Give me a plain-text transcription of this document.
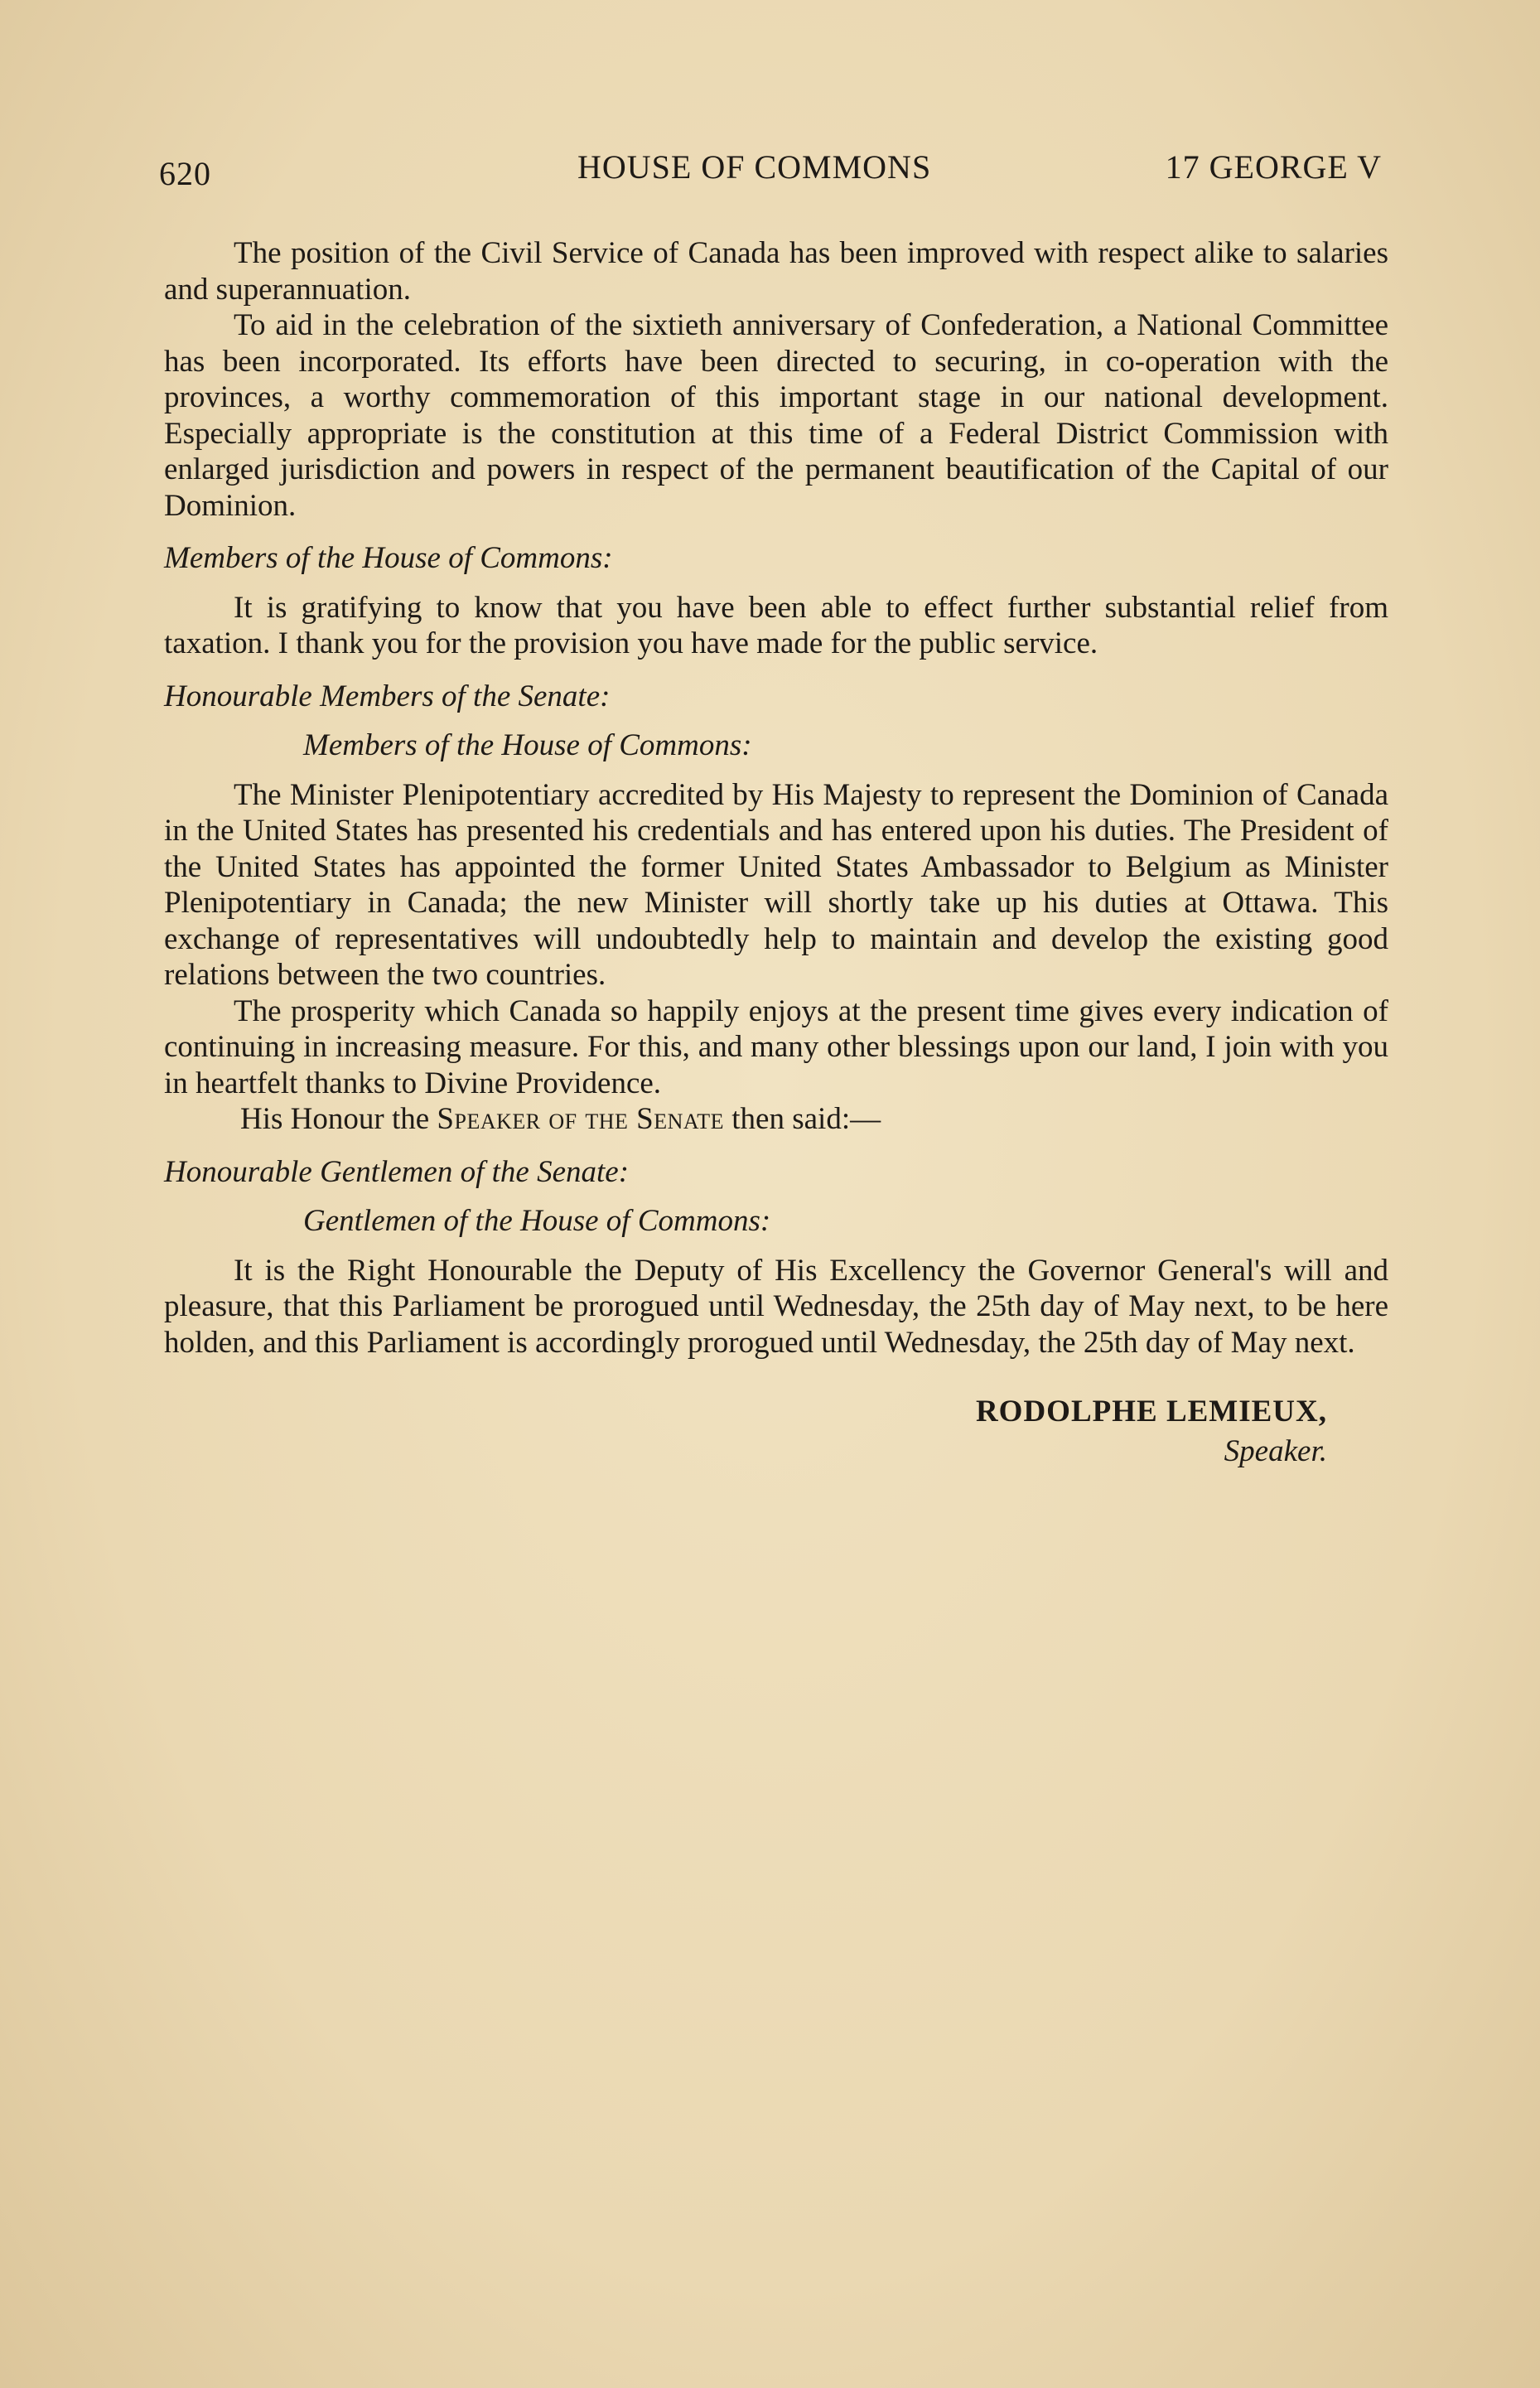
620	HOUSE OF COMMONS	17 GEORGE V

The position of the Civil Service of Canada has been improved with respect alike to salaries and superannuation.

To aid in the celebration of the sixtieth anniversary of Confederation, a National Committee has been incorporated. Its efforts have been directed to securing, in co-operation with the provinces, a worthy commemoration of this important stage in our national development. Especially appropriate is the constitution at this time of a Federal District Commission with enlarged jurisdiction and powers in respect of the permanent beautification of the Capital of our Dominion.

Members of the House of Commons:

It is gratifying to know that you have been able to effect further substantial relief from taxation. I thank you for the provision you have made for the public service.

Honourable Members of the Senate:

Members of the House of Commons:

The Minister Plenipotentiary accredited by His Majesty to represent the Dominion of Canada in the United States has presented his credentials and has entered upon his duties. The President of the United States has appointed the former United States Ambassador to Belgium as Minister Plenipotentiary in Canada; the new Minister will shortly take up his duties at Ottawa. This exchange of representatives will undoubtedly help to maintain and develop the existing good relations between the two countries.

The prosperity which Canada so happily enjoys at the present time gives every indication of continuing in increasing measure. For this, and many other blessings upon our land, I join with you in heartfelt thanks to Divine Providence.

His Honour the Speaker of the Senate then said:—

Honourable Gentlemen of the Senate:

Gentlemen of the House of Commons:

It is the Right Honourable the Deputy of His Excellency the Governor General's will and pleasure, that this Parliament be prorogued until Wednesday, the 25th day of May next, to be here holden, and this Parliament is accordingly prorogued until Wednesday, the 25th day of May next.

RODOLPHE LEMIEUX,
Speaker.
